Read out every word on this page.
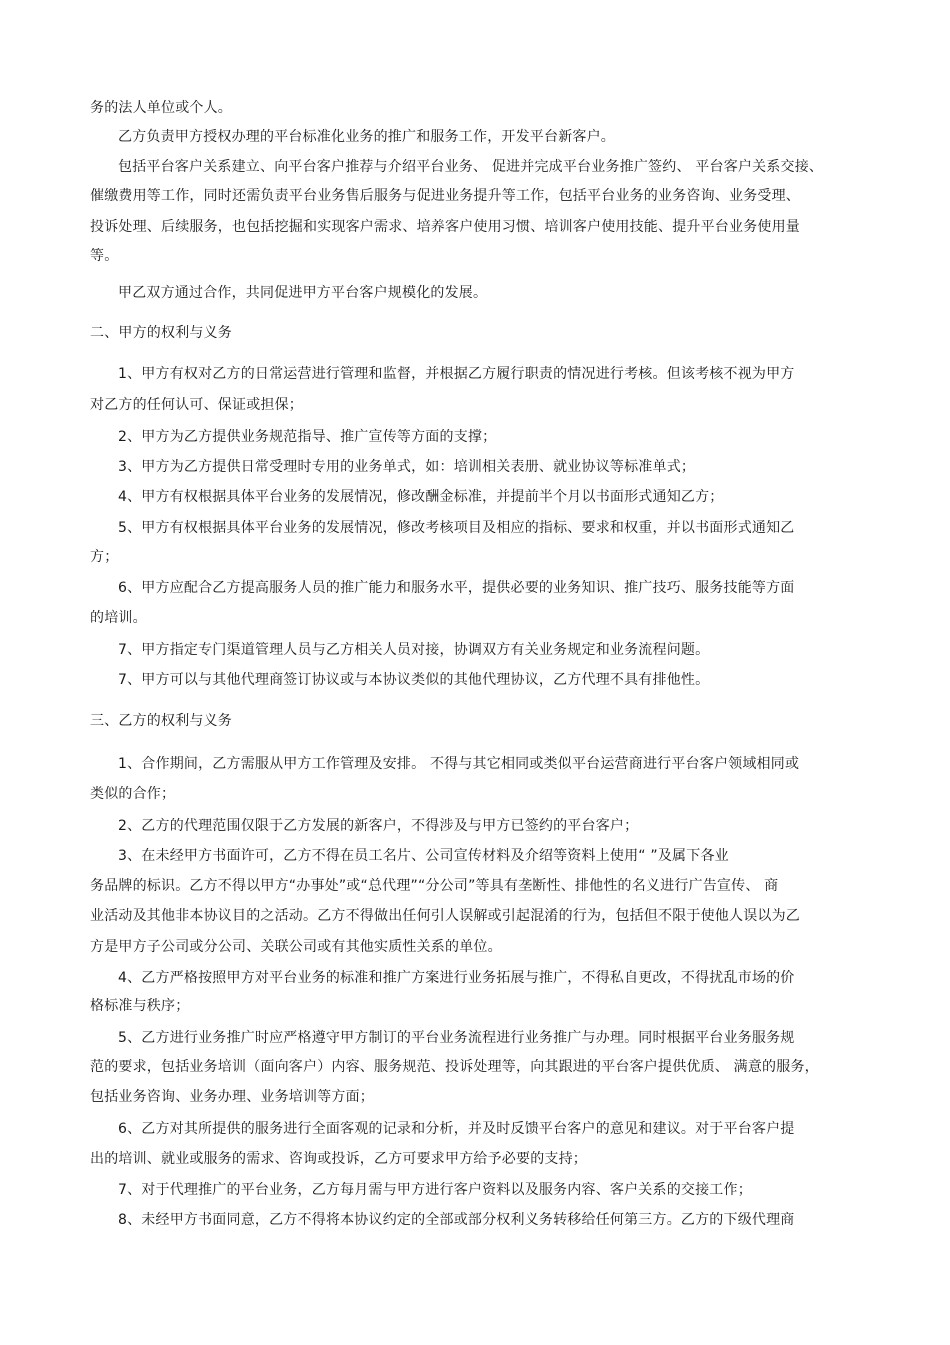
务的法人单位或个人。

乙方负责甲方授权办理的平台标准化业务的推广和服务工作，开发平台新客户。

包括平台客户关系建立、向平台客户推荐与介绍平台业务、 促进并完成平台业务推广签约、 平台客户关系交接、

催缴费用等工作，同时还需负责平台业务售后服务与促进业务提升等工作，包括平台业务的业务咨询、业务受理、

投诉处理、后续服务，也包括挖掘和实现客户需求、培养客户使用习惯、培训客户使用技能、提升平台业务使用量

等。

甲乙双方通过合作，共同促进甲方平台客户规模化的发展。

二、甲方的权利与义务

1、甲方有权对乙方的日常运营进行管理和监督，并根据乙方履行职责的情况进行考核。但该考核不视为甲方

对乙方的任何认可、保证或担保；

2、甲方为乙方提供业务规范指导、推广宣传等方面的支撑；

3、甲方为乙方提供日常受理时专用的业务单式，如：培训相关表册、就业协议等标准单式；

4、甲方有权根据具体平台业务的发展情况，修改酬金标准，并提前半个月以书面形式通知乙方；

5、甲方有权根据具体平台业务的发展情况，修改考核项目及相应的指标、要求和权重，并以书面形式通知乙

方；

6、甲方应配合乙方提高服务人员的推广能力和服务水平，提供必要的业务知识、推广技巧、服务技能等方面

的培训。

7、甲方指定专门渠道管理人员与乙方相关人员对接，协调双方有关业务规定和业务流程问题。

7、甲方可以与其他代理商签订协议或与本协议类似的其他代理协议，乙方代理不具有排他性。

三、乙方的权利与义务

1、合作期间，乙方需服从甲方工作管理及安排。 不得与其它相同或类似平台运营商进行平台客户领域相同或

类似的合作；

2、乙方的代理范围仅限于乙方发展的新客户，不得涉及与甲方已签约的平台客户；

3、在未经甲方书面许可，乙方不得在员工名片、公司宣传材料及介绍等资料上使用“ ”及属下各业

务品牌的标识。乙方不得以甲方“办事处”或“总代理”“分公司”等具有垄断性、排他性的名义进行广告宣传、 商

业活动及其他非本协议目的之活动。乙方不得做出任何引人误解或引起混淆的行为，包括但不限于使他人误以为乙

方是甲方子公司或分公司、关联公司或有其他实质性关系的单位。

4、乙方严格按照甲方对平台业务的标准和推广方案进行业务拓展与推广，不得私自更改，不得扰乱市场的价

格标准与秩序；

5、乙方进行业务推广时应严格遵守甲方制订的平台业务流程进行业务推广与办理。同时根据平台业务服务规

范的要求，包括业务培训（面向客户）内容、服务规范、投诉处理等，向其跟进的平台客户提供优质、 满意的服务，

包括业务咨询、业务办理、业务培训等方面；

6、乙方对其所提供的服务进行全面客观的记录和分析，并及时反馈平台客户的意见和建议。对于平台客户提

出的培训、就业或服务的需求、咨询或投诉，乙方可要求甲方给予必要的支持；

7、对于代理推广的平台业务，乙方每月需与甲方进行客户资料以及服务内容、客户关系的交接工作；

8、未经甲方书面同意，乙方不得将本协议约定的全部或部分权利义务转移给任何第三方。乙方的下级代理商
